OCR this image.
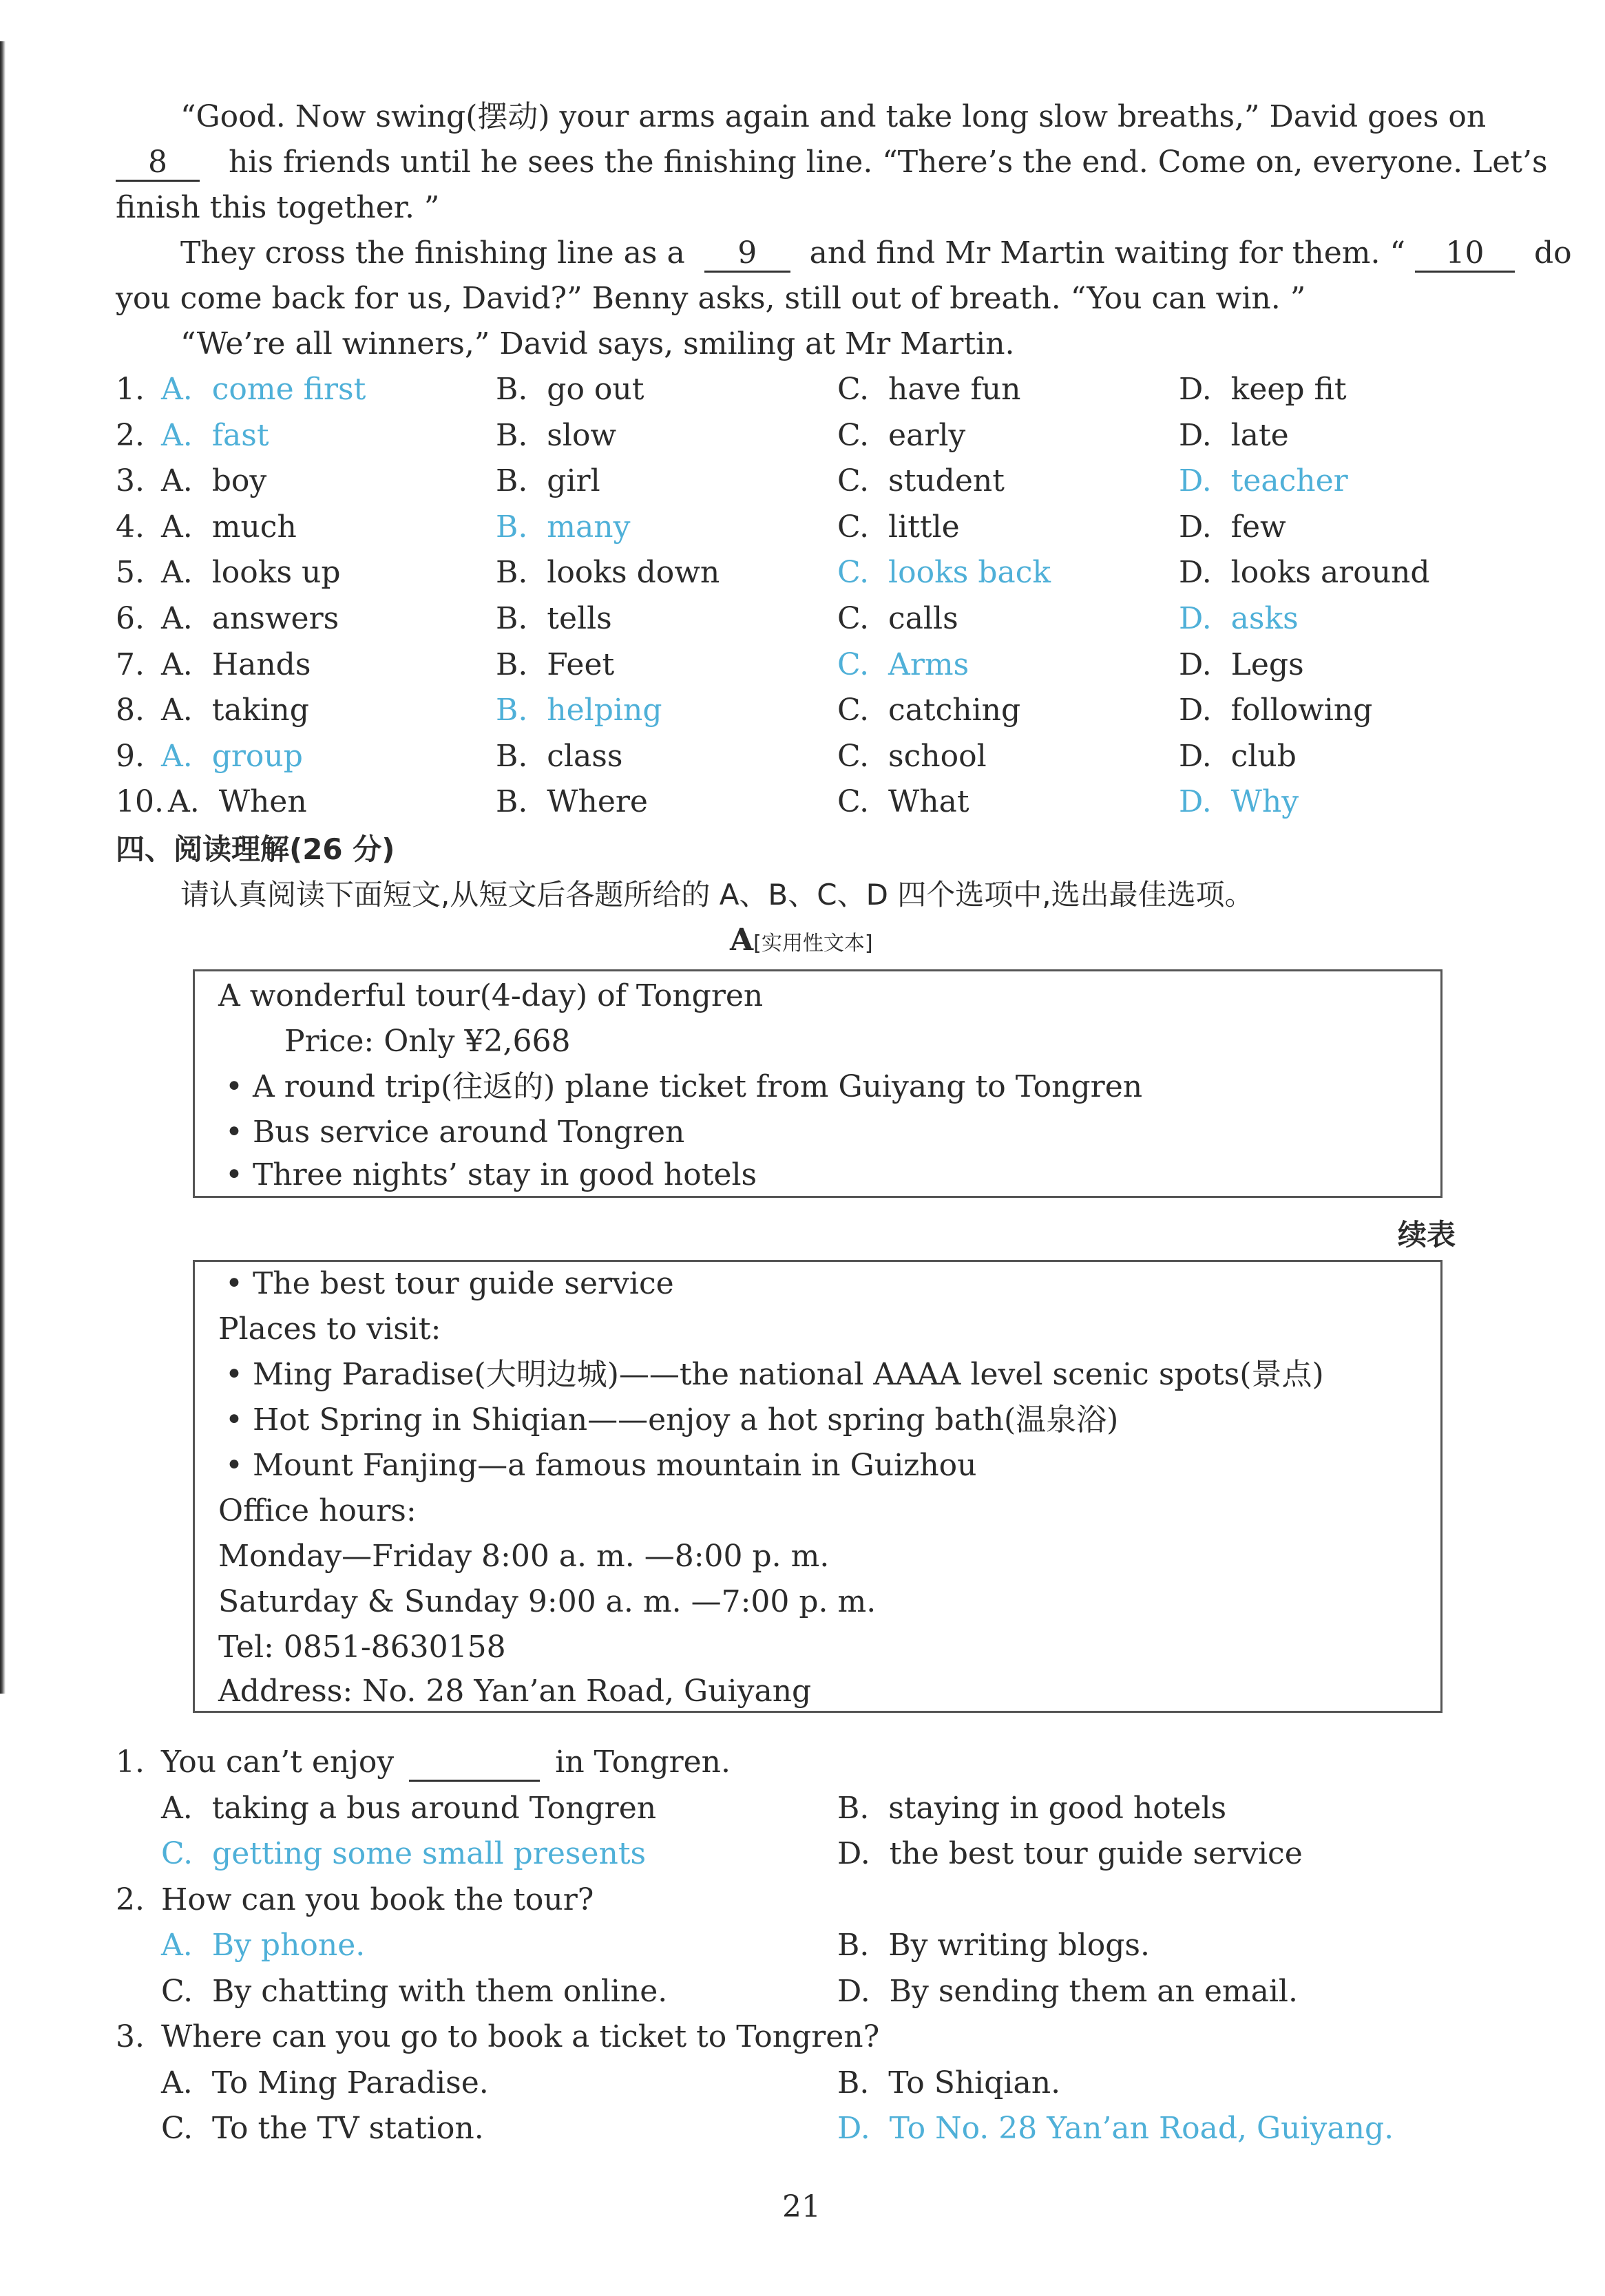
“Good. Now swing(摆动) your arms again and take long slow breaths,” David goes on
8 his friends until he sees the finishing line. “There’s the end. Come on, everyone. Let’s
finish this together. ”
They cross the finishing line as a 9 and find Mr Martin waiting for them. “ 10 do
you come back for us, David?” Benny asks, still out of breath. “You can win. ”
“We’re all winners,” David says, smiling at Mr Martin.
1. A.  come first	B.  go out	C.  have fun	D.  keep fit
2. A.  fast	B.  slow	C.  early	D.  late
3. A.  boy	B.  girl	C.  student	D.  teacher
4. A.  much	B.  many	C.  little	D.  few
5. A.  looks up	B.  looks down	C.  looks back	D.  looks around
6. A.  answers	B.  tells	C.  calls	D.  asks
7. A.  Hands	B.  Feet	C.  Arms	D.  Legs
8. A.  taking	B.  helping	C.  catching	D.  following
9. A.  group	B.  class	C.  school	D.  club
10. A.  When	B.  Where	C.  What	D.  Why
四、阅读理解(26 分)
请认真阅读下面短文,从短文后各题所给的 A、B、C、D 四个选项中,选出最佳选项。
A[实用性文本]
A wonderful tour(4-day) of Tongren
Price: Only ¥2,668
• A round trip(往返的) plane ticket from Guiyang to Tongren
• Bus service around Tongren
• Three nights’ stay in good hotels
续表
• The best tour guide service
Places to visit:
• Ming Paradise(大明边城)——the national AAAA level scenic spots(景点)
• Hot Spring in Shiqian——enjoy a hot spring bath(温泉浴)
• Mount Fanjing—a famous mountain in Guizhou
Office hours:
Monday—Friday 8:00 a. m. —8:00 p. m.
Saturday & Sunday 9:00 a. m. —7:00 p. m.
Tel: 0851-8630158
Address: No. 28 Yan’an Road, Guiyang
1. You can’t enjoy	in Tongren.
A.  taking a bus around Tongren	B.  staying in good hotels
C.  getting some small presents	D.  the best tour guide service
2. How can you book the tour?
A.  By phone.	B.  By writing blogs.
C.  By chatting with them online.	D.  By sending them an email.
3. Where can you go to book a ticket to Tongren?
A.  To Ming Paradise.	B.  To Shiqian.
C.  To the TV station.	D.  To No. 28 Yan’an Road, Guiyang.
21
